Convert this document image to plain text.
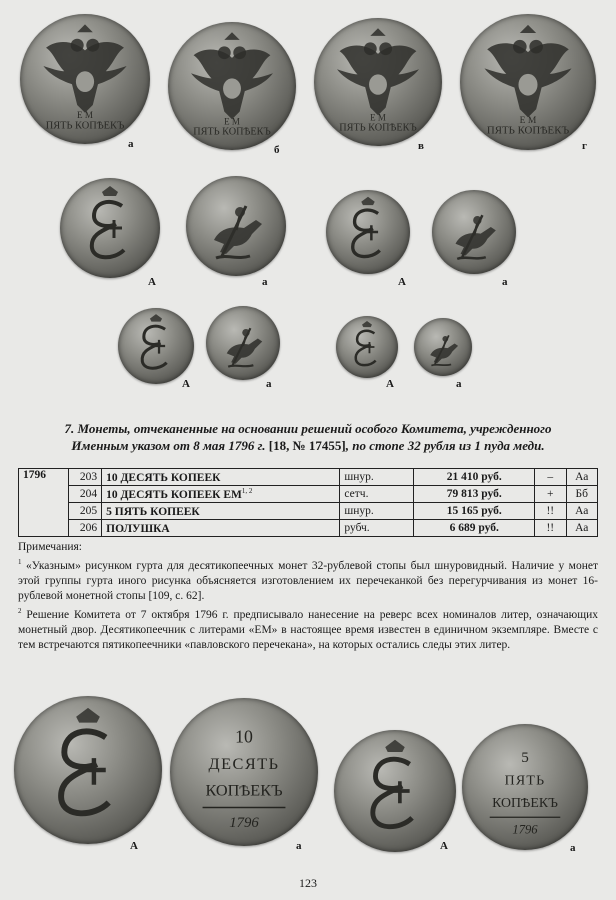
ПЯТЬ КОПѢЕКЪ
Е М
а
ПЯТЬ КОПѢЕКЪ
Е М
б
ПЯТЬ КОПѢЕКЪ
Е М
в
ПЯТЬ КОПѢЕКЪ
Е М
г
А	а	А	а
А	а	А	а
7. Монеты, отчеканенные на основании решений особого Комитета, учрежденного
Именным указом от 8 мая 1796 г. [18, № 17455], по стопе 32 рубля из 1 пуда меди.
1796	203	10 ДЕСЯТЬ КОПЕЕК	шнур.	21 410 руб.	–	Аа
	204	10 ДЕСЯТЬ КОПЕЕК ЕМ$^{1, 2}$	сетч.	79 813 руб.	+	Бб
	205	5 ПЯТЬ КОПЕЕК	шнур.	15 165 руб.	!!	Аа
	206	ПОЛУШКА	рубч.	6 689 руб.	!!	Аа

Примечания:

$^1$ «Указным» рисунком гурта для десятикопеечных монет 32-рублевой стопы был шнуровидный. Наличие у монет этой группы гурта иного рисунка объясняется изготовлением их перечеканкой без перегурчивания из монет 16-рублевой монетной стопы [109, с. 62].

$^2$ Решение Комитета от 7 октября 1796 г. предписывало нанесение на реверс всех номиналов литер, означающих монетный двор. Десятикопеечник с литерами «ЕМ» в настоящее время известен в единичном экземпляре. Вместе с тем встречаются пятикопеечники «павловского перечекана», на которых остались следы этих литер.

А
10
ДЕСЯТЬ
КОПѢЕКЪ
1796
а	А
5
ПЯТЬ
КОПѢЕКЪ
1796
а
123
